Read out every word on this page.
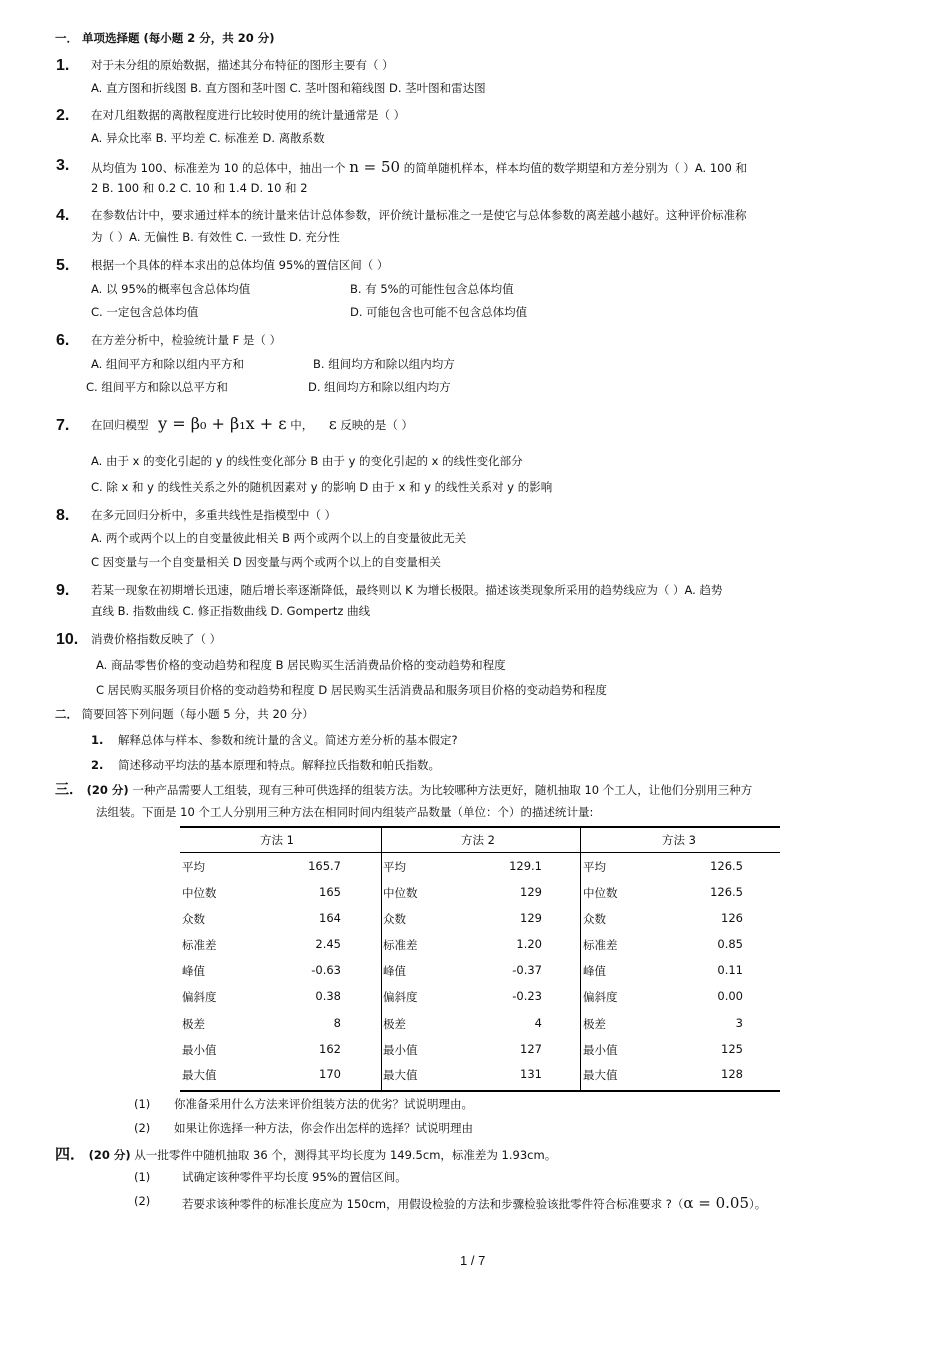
一． 单项选择题 (每小题 2 分，共 20 分)
1. 对于未分组的原始数据，描述其分布特征的图形主要有（ ）
A. 直方图和折线图 B. 直方图和茎叶图 C. 茎叶图和箱线图 D. 茎叶图和雷达图
2. 在对几组数据的离散程度进行比较时使用的统计量通常是（ ）
A. 异众比率 B. 平均差 C. 标准差 D. 离散系数
3. 从均值为 100、标准差为 10 的总体中，抽出一个 n = 50 的简单随机样本，样本均值的数学期望和方差分别为（ ）A. 100 和
2 B. 100 和 0.2 C. 10 和 1.4 D. 10 和 2
4. 在参数估计中，要求通过样本的统计量来估计总体参数，评价统计量标准之一是使它与总体参数的离差越小越好。这种评价标准称
为（ ）A. 无偏性 B. 有效性 C. 一致性 D. 充分性
5. 根据一个具体的样本求出的总体均值 95%的置信区间（ ）
A. 以 95%的概率包含总体均值	B. 有 5%的可能性包含总体均值
C. 一定包含总体均值	D. 可能包含也可能不包含总体均值
6. 在方差分析中，检验统计量 F 是（ ）
A. 组间平方和除以组内平方和	B. 组间均方和除以组内均方
C. 组间平方和除以总平方和	D. 组间均方和除以组内均方
7. 在回归模型 y = β₀ + β₁x + ε 中， ε 反映的是（ ）
A. 由于 x 的变化引起的 y 的线性变化部分 B 由于 y 的变化引起的 x 的线性变化部分
C. 除 x 和 y 的线性关系之外的随机因素对 y 的影响 D 由于 x 和 y 的线性关系对 y 的影响
8. 在多元回归分析中，多重共线性是指模型中（ ）
A. 两个或两个以上的自变量彼此相关 B 两个或两个以上的自变量彼此无关
C 因变量与一个自变量相关 D 因变量与两个或两个以上的自变量相关
9. 若某一现象在初期增长迅速，随后增长率逐渐降低，最终则以 K 为增长极限。描述该类现象所采用的趋势线应为（ ）A. 趋势
直线 B. 指数曲线 C. 修正指数曲线 D. Gompertz 曲线
10. 消费价格指数反映了（ ）
A. 商品零售价格的变动趋势和程度 B 居民购买生活消费品价格的变动趋势和程度
C 居民购买服务项目价格的变动趋势和程度 D 居民购买生活消费品和服务项目价格的变动趋势和程度
二． 简要回答下列问题（每小题 5 分，共 20 分）
1. 解释总体与样本、参数和统计量的含义。简述方差分析的基本假定?
2. 简述移动平均法的基本原理和特点。解释拉氏指数和帕氏指数。
三． (20 分) 一种产品需要人工组装，现有三种可供选择的组装方法。为比较哪种方法更好，随机抽取 10 个工人，让他们分别用三种方
法组装。下面是 10 个工人分别用三种方法在相同时间内组装产品数量（单位：个）的描述统计量:
方法 1	方法 2	方法 3
平均	165.7	平均	129.1	平均	126.5
中位数	165	中位数	129	中位数	126.5
众数	164	众数	129	众数	126
标准差	2.45	标准差	1.20	标准差	0.85
峰值	-0.63	峰值	-0.37	峰值	0.11
偏斜度	0.38	偏斜度	-0.23	偏斜度	0.00
极差	8	极差	4	极差	3
最小值	162	最小值	127	最小值	125
最大值	170	最大值	131	最大值	128
(1) 你准备采用什么方法来评价组装方法的优劣？试说明理由。
(2) 如果让你选择一种方法，你会作出怎样的选择？试说明理由
四． (20 分) 从一批零件中随机抽取 36 个，测得其平均长度为 149.5cm，标准差为 1.93cm。
(1)	试确定该种零件平均长度 95%的置信区间。
(2)	若要求该种零件的标准长度应为 150cm，用假设检验的方法和步骤检验该批零件符合标准要求 ?（α = 0.05）。
1 / 7
